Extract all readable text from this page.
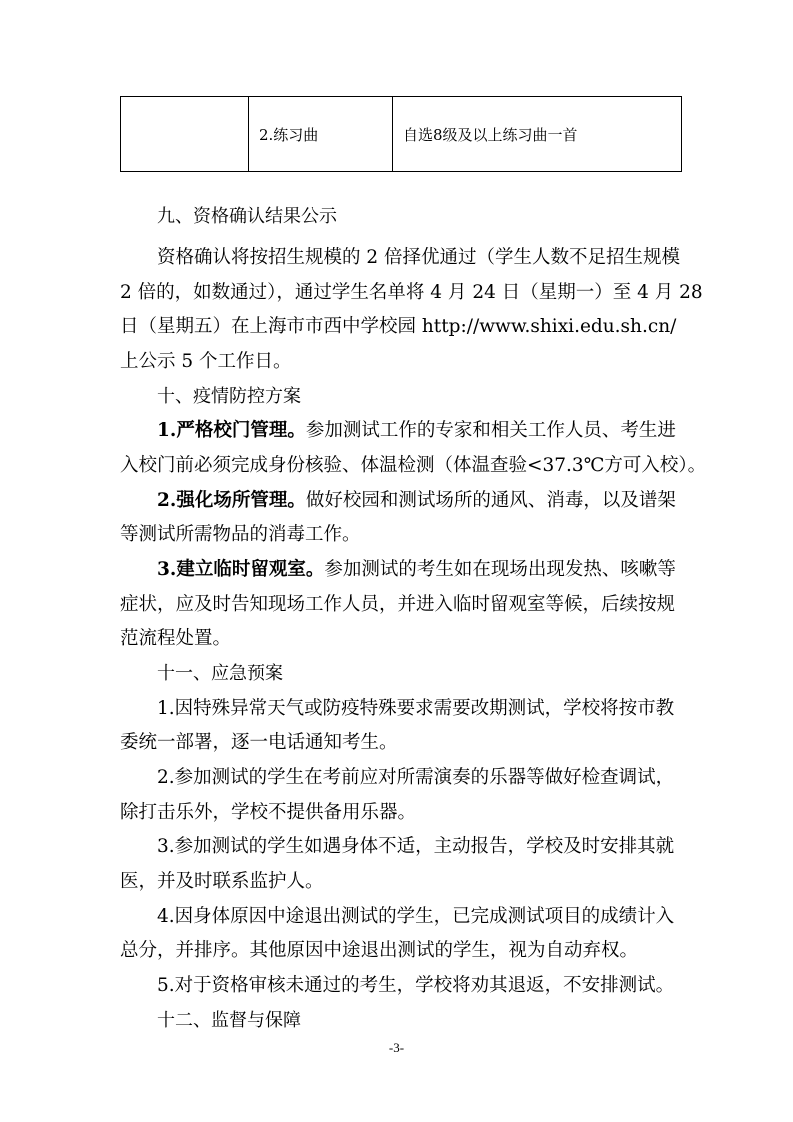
	2.练习曲	自选8级及以上练习曲一首
九、资格确认结果公示
资格确认将按招生规模的 2 倍择优通过（学生人数不足招生规模
2 倍的，如数通过），通过学生名单将 4 月 24 日（星期一）至 4 月 28
日（星期五）在上海市市西中学校园 http://www.shixi.edu.sh.cn/
上公示 5 个工作日。
十、疫情防控方案
1.严格校门管理。参加测试工作的专家和相关工作人员、考生进
入校门前必须完成身份核验、体温检测（体温查验<37.3℃方可入校）。
2.强化场所管理。做好校园和测试场所的通风、消毒，以及谱架
等测试所需物品的消毒工作。
3.建立临时留观室。参加测试的考生如在现场出现发热、咳嗽等
症状，应及时告知现场工作人员，并进入临时留观室等候，后续按规
范流程处置。
十一、应急预案
1.因特殊异常天气或防疫特殊要求需要改期测试，学校将按市教
委统一部署，逐一电话通知考生。
2.参加测试的学生在考前应对所需演奏的乐器等做好检查调试，
除打击乐外，学校不提供备用乐器。
3.参加测试的学生如遇身体不适，主动报告，学校及时安排其就
医，并及时联系监护人。
4.因身体原因中途退出测试的学生，已完成测试项目的成绩计入
总分，并排序。其他原因中途退出测试的学生，视为自动弃权。
5.对于资格审核未通过的考生，学校将劝其退返，不安排测试。
十二、监督与保障
-3-
